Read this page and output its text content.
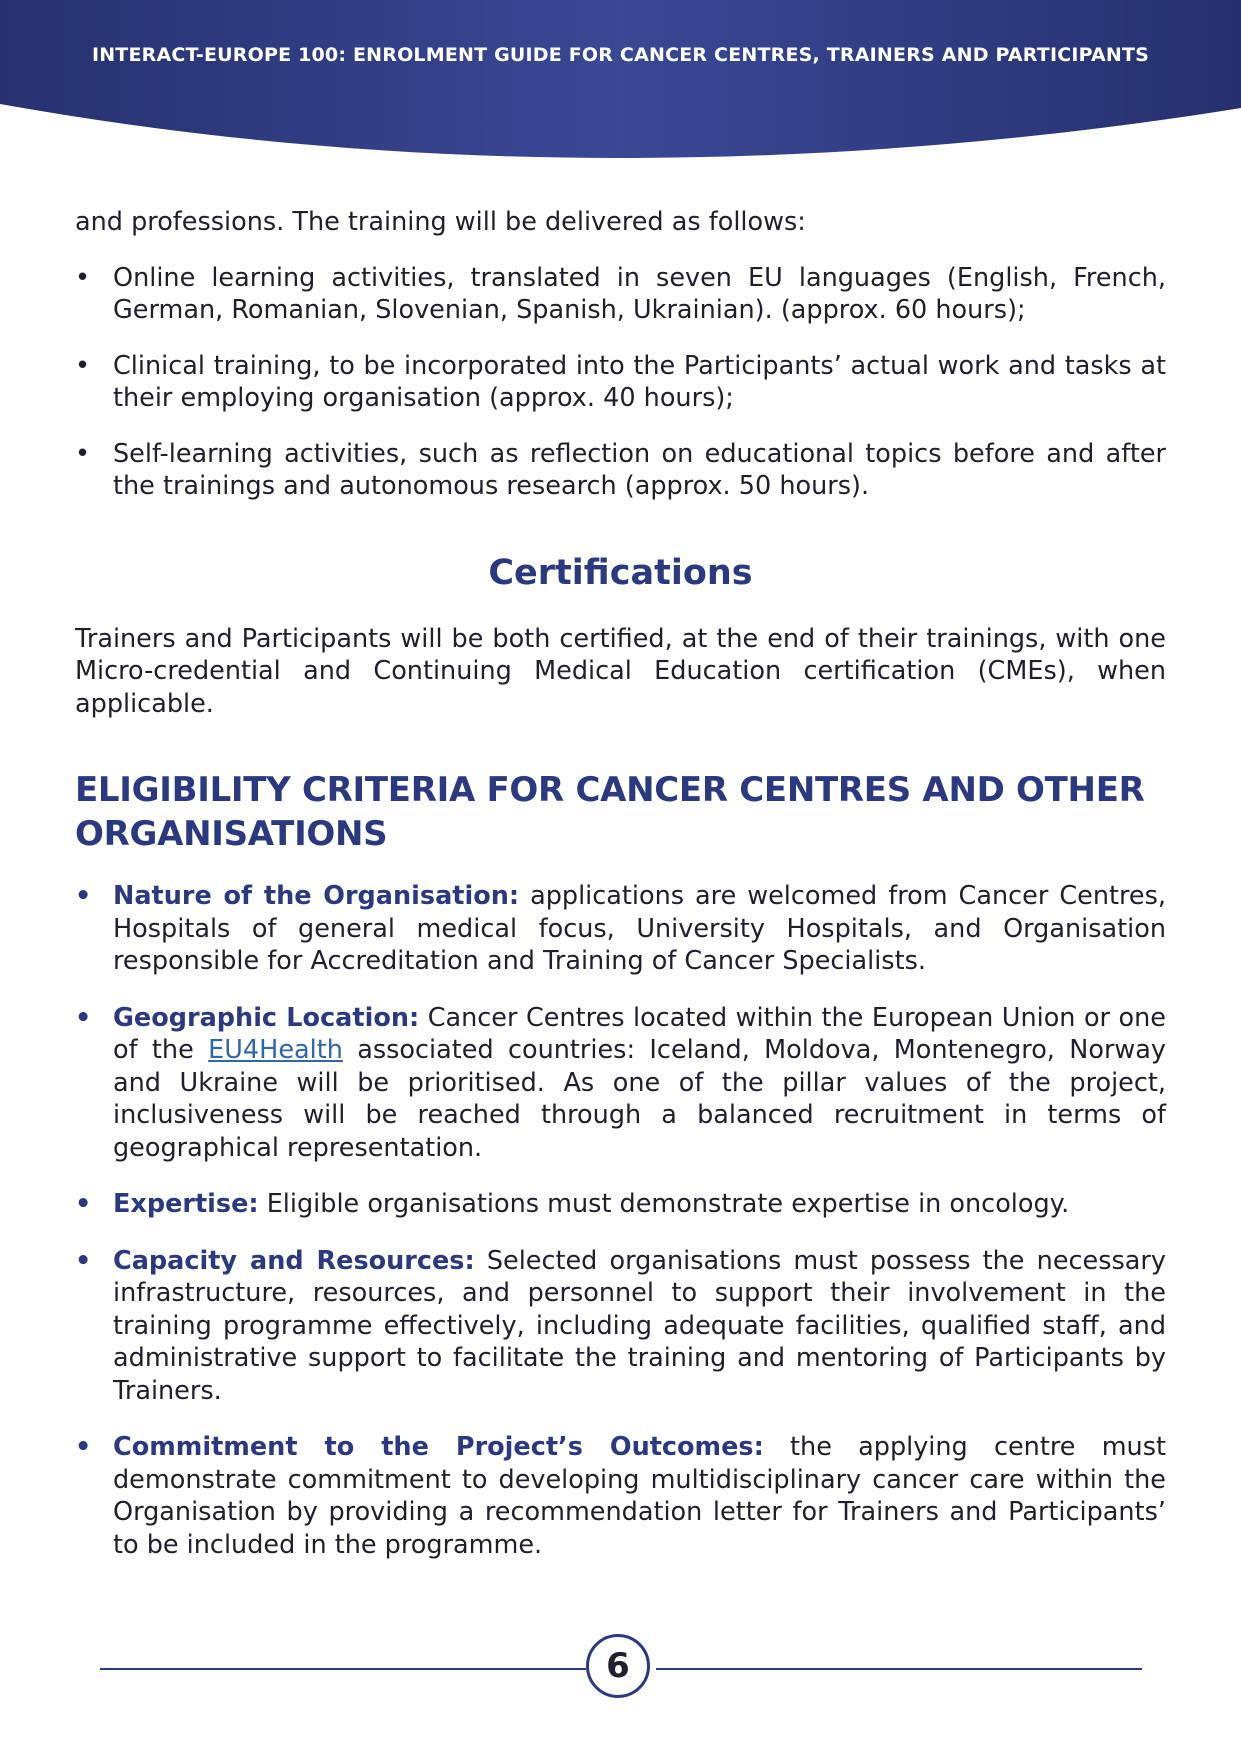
INTERACT-EUROPE 100: ENROLMENT GUIDE FOR CANCER CENTRES, TRAINERS AND PARTICIPANTS

and professions. The training will be delivered as follows:

• Online learning activities, translated in seven EU languages (English, French, German, Romanian, Slovenian, Spanish, Ukrainian). (approx. 60 hours);
• Clinical training, to be incorporated into the Participants’ actual work and tasks at their employing organisation (approx. 40 hours);
• Self-learning activities, such as reflection on educational topics before and after the trainings and autonomous research (approx. 50 hours).
Certifications

Trainers and Participants will be both certified, at the end of their trainings, with one Micro-credential and Continuing Medical Education certification (CMEs), when applicable.

ELIGIBILITY CRITERIA FOR CANCER CENTRES AND OTHER ORGANISATIONS
• Nature of the Organisation: applications are welcomed from Cancer Centres, Hospitals of general medical focus, University Hospitals, and Organisation responsible for Accreditation and Training of Cancer Specialists.
• Geographic Location: Cancer Centres located within the European Union or one of the EU4Health associated countries: Iceland, Moldova, Montenegro, Norway and Ukraine will be prioritised. As one of the pillar values of the project, inclusiveness will be reached through a balanced recruitment in terms of geographical representation.
• Expertise: Eligible organisations must demonstrate expertise in oncology.
• Capacity and Resources: Selected organisations must possess the necessary infrastructure, resources, and personnel to support their involvement in the training programme effectively, including adequate facilities, qualified staff, and administrative support to facilitate the training and mentoring of Participants by Trainers.
• Commitment to the Project’s Outcomes: the applying centre must demonstrate commitment to developing multidisciplinary cancer care within the Organisation by providing a recommendation letter for Trainers and Participants’ to be included in the programme.
6
